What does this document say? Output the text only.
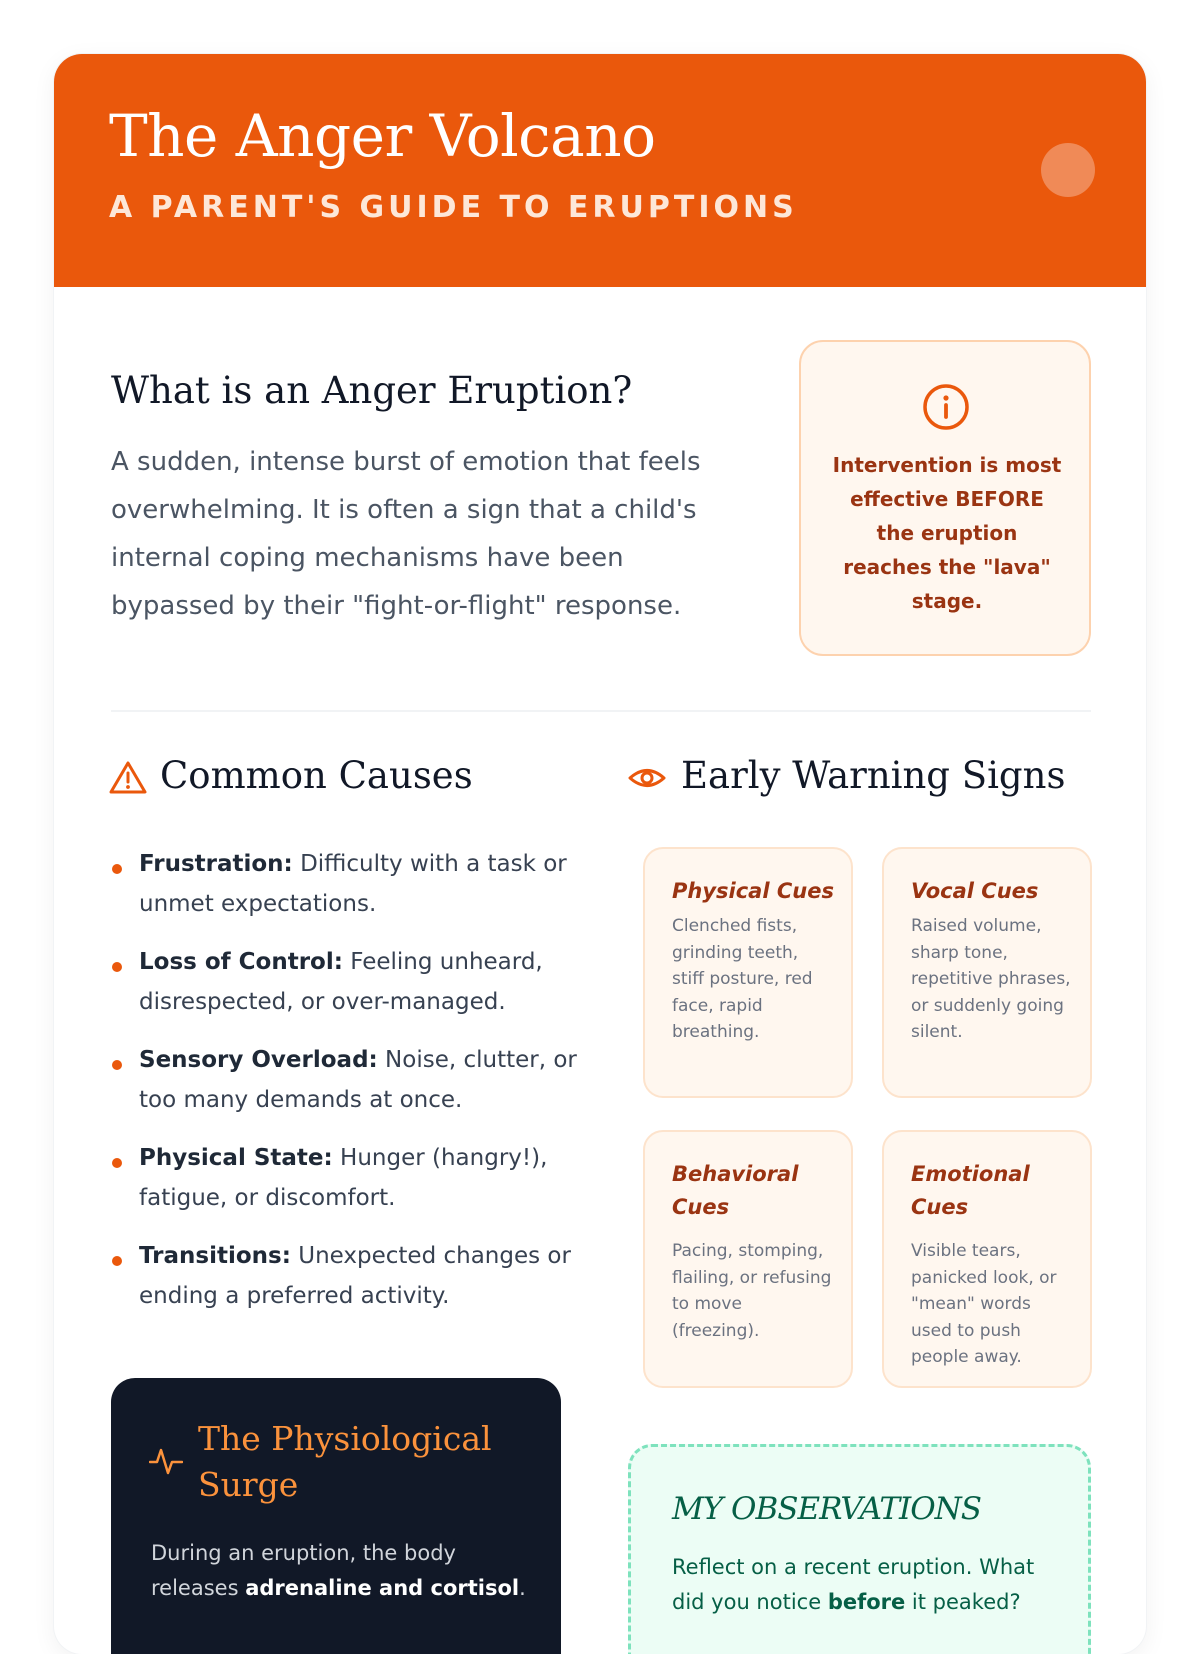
The Anger Volcano
A PARENT'S GUIDE TO ERUPTIONS
What is an Anger Eruption?
A sudden, intense burst of emotion that feels overwhelming. It is often a sign that a child's internal coping mechanisms have been bypassed by their "fight-or-flight" response.
Intervention is most effective BEFORE the eruption reaches the "lava" stage.
Common Causes
Frustration: Difficulty with a task or unmet expectations.
Loss of Control: Feeling unheard, disrespected, or over-managed.
Sensory Overload: Noise, clutter, or too many demands at once.
Physical State: Hunger (hangry!), fatigue, or discomfort.
Transitions: Unexpected changes or ending a preferred activity.
Early Warning Signs
Physical Cues
Clenched fists, grinding teeth, stiff posture, red face, rapid breathing.
Vocal Cues
Raised volume, sharp tone, repetitive phrases, or suddenly going silent.
Behavioral Cues
Pacing, stomping, flailing, or refusing to move (freezing).
Emotional Cues
Visible tears, panicked look, or "mean" words used to push people away.
The Physiological Surge
During an eruption, the body releases adrenaline and cortisol.
MY OBSERVATIONS
Reflect on a recent eruption. What did you notice before it peaked?
